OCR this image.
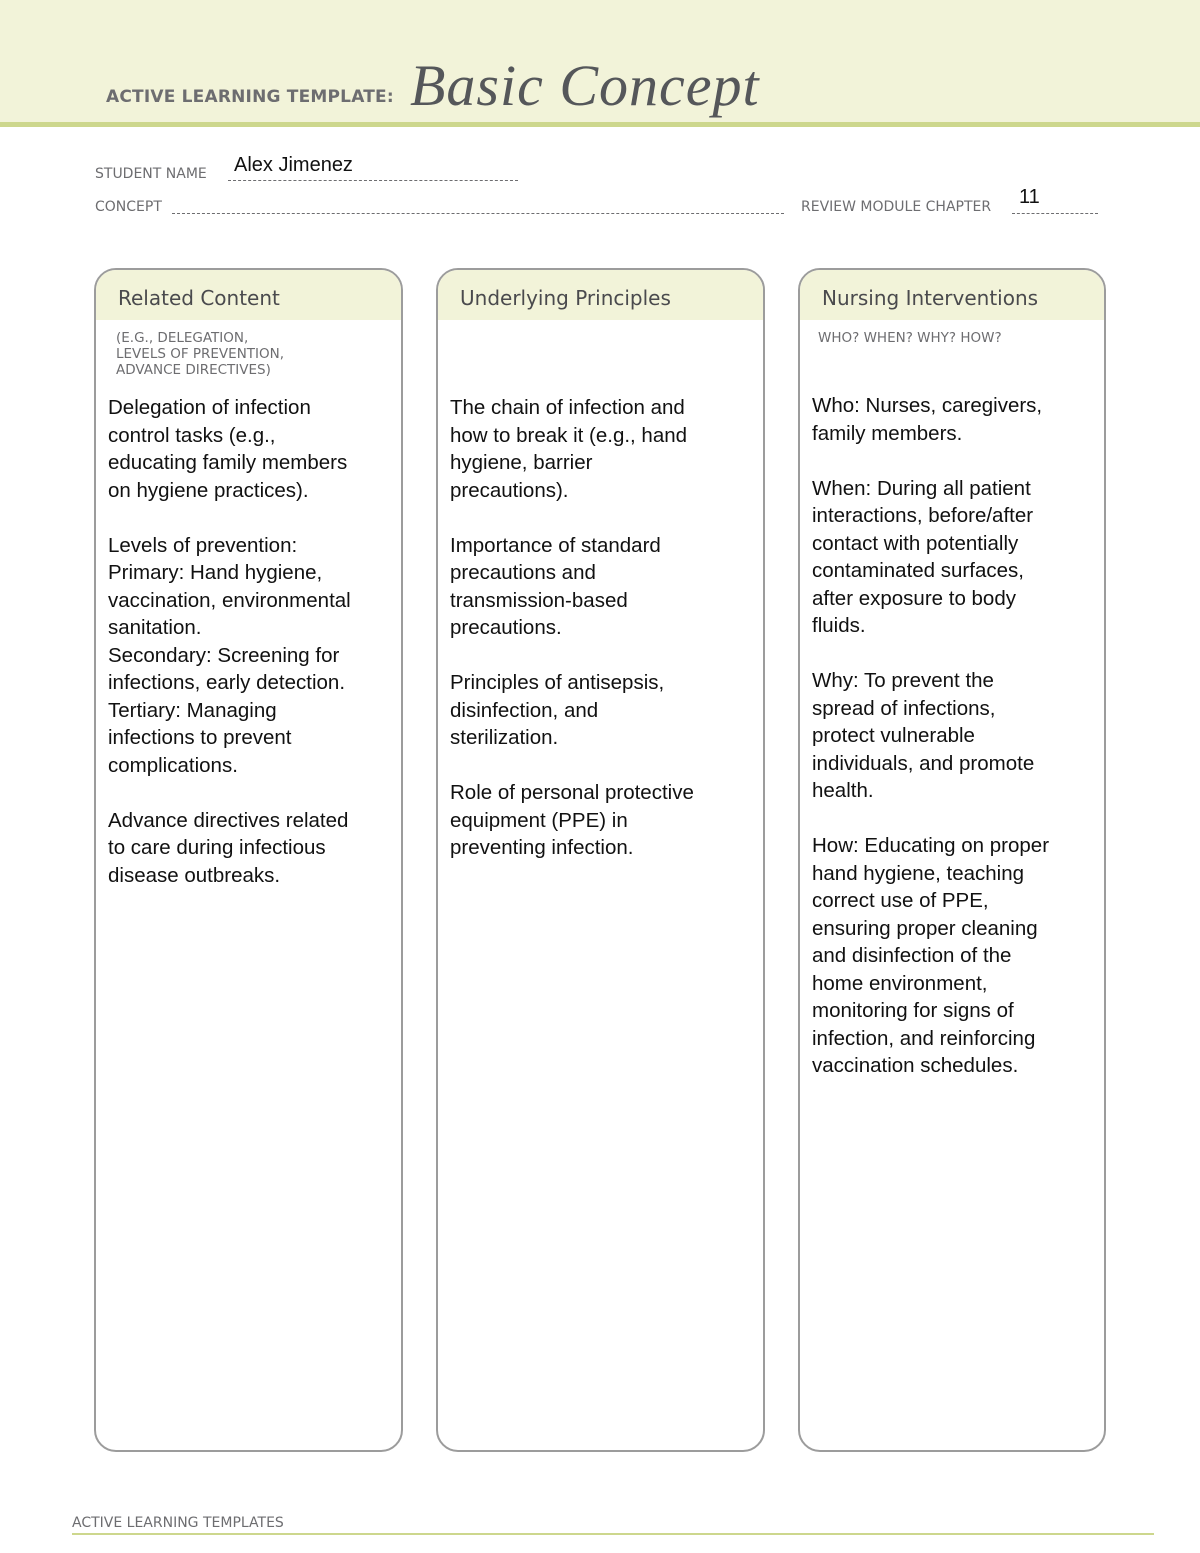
ACTIVE LEARNING TEMPLATE: Basic Concept
STUDENT NAME Alex Jimenez
CONCEPT	REVIEW MODULE CHAPTER 11
Related Content
(E.G., DELEGATION,
LEVELS OF PREVENTION,
ADVANCE DIRECTIVES)
Delegation of infection
control tasks (e.g.,
educating family members
on hygiene practices).

Levels of prevention:
Primary: Hand hygiene,
vaccination, environmental
sanitation.
Secondary: Screening for
infections, early detection.
Tertiary: Managing
infections to prevent
complications.

Advance directives related
to care during infectious
disease outbreaks.
Underlying Principles
The chain of infection and
how to break it (e.g., hand
hygiene, barrier
precautions).

Importance of standard
precautions and
transmission-based
precautions.

Principles of antisepsis,
disinfection, and
sterilization.

Role of personal protective
equipment (PPE) in
preventing infection.
Nursing Interventions
WHO? WHEN? WHY? HOW?
Who: Nurses, caregivers,
family members.

When: During all patient
interactions, before/after
contact with potentially
contaminated surfaces,
after exposure to body
fluids.

Why: To prevent the
spread of infections,
protect vulnerable
individuals, and promote
health.

How: Educating on proper
hand hygiene, teaching
correct use of PPE,
ensuring proper cleaning
and disinfection of the
home environment,
monitoring for signs of
infection, and reinforcing
vaccination schedules.
ACTIVE LEARNING TEMPLATES
